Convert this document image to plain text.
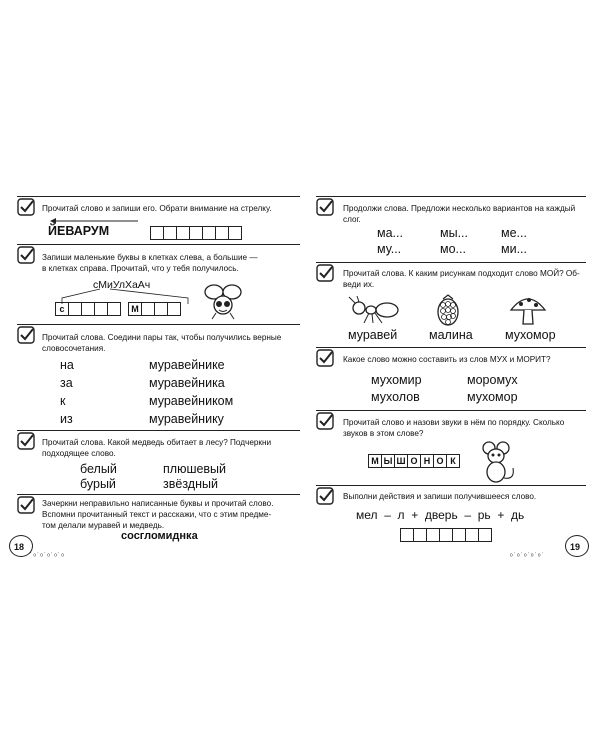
Прочитай слово и запиши его. Обрати внимание на стрелку.
ЙЕВАРУМ
Запиши маленькие буквы в клетках слева, а большие —
в клетках справа. Прочитай, что у тебя получилось.
сМиУлХаАч
с	М
Прочитай слова. Соедини пары так, чтобы получились верные
словосочетания.
на
за
к
из
муравейнике
муравейника
муравейником
муравейнику
Прочитай слова. Какой медведь обитает в лесу? Подчеркни
подходящее слово.
белый	плюшевый
бурый	звёздный
Зачеркни неправильно написанные буквы и прочитай слово.
Вспомни прочитанный текст и расскажи, что с этим предме-
том делали муравей и медведь.
сосгломиднка
18
˙ᵒ˙ᵒ˙ᵒ˙ᵒ˙ᵒ
Продолжи слова. Предложи несколько вариантов на каждый
слог.
ма...	мы...	ме...
му...	мо...	ми...
Прочитай слова. К каким рисункам подходит слово МОЙ? Об-
веди их.
муравей	малина	мухомор
Какое слово можно составить из слов МУХ и МОРИТ?
мухомир	моромух
мухолов	мухомор
Прочитай слово и назови звуки в нём по порядку. Сколько
звуков в этом слове?
М Ы Ш О Н О К
Выполни действия и запиши получившееся слово.
мел  –  л  +  дверь  –  рь  +  дь
19
ᵒ˙ᵒ˙ᵒ˙ᵒ˙ᵒ˙
